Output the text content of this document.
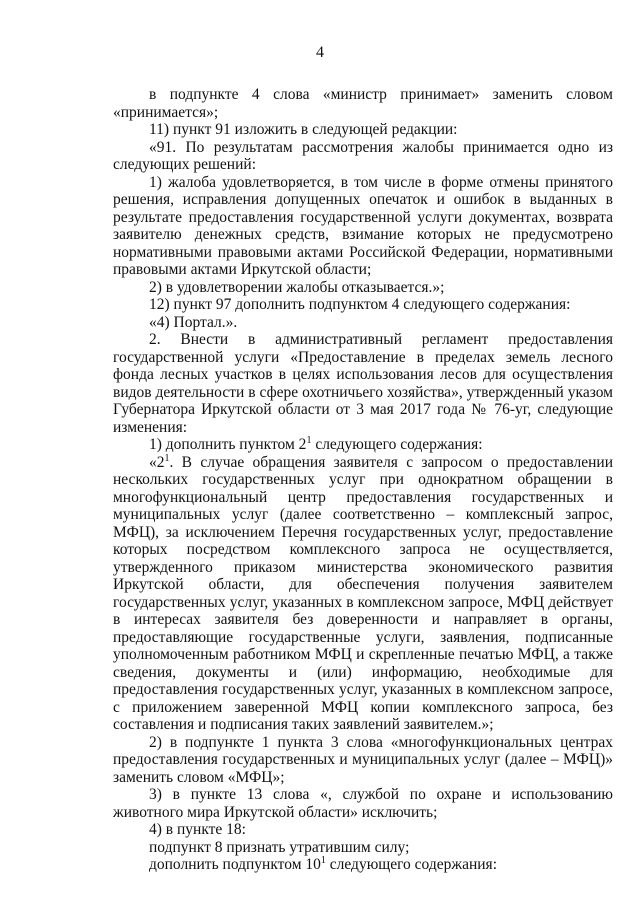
4

в подпункте 4 слова «министр принимает» заменить словом «принимается»;

11) пункт 91 изложить в следующей редакции:

«91. По результатам рассмотрения жалобы принимается одно из следующих решений:

1) жалоба удовлетворяется, в том числе в форме отмены принятого решения, исправления допущенных опечаток и ошибок в выданных в результате предоставления государственной услуги документах, возврата заявителю денежных средств, взимание которых не предусмотрено нормативными правовыми актами Российской Федерации, нормативными правовыми актами Иркутской области;

2) в удовлетворении жалобы отказывается.»;

12) пункт 97 дополнить подпунктом 4 следующего содержания:

«4) Портал.».

2. Внести в административный регламент предоставления государственной услуги «Предоставление в пределах земель лесного фонда лесных участков в целях использования лесов для осуществления видов деятельности в сфере охотничьего хозяйства», утвержденный указом Губернатора Иркутской области от 3 мая 2017 года № 76-уг, следующие изменения:

1) дополнить пунктом $2^1$ следующего содержания:

«$2^1$. В случае обращения заявителя с запросом о предоставлении нескольких государственных услуг при однократном обращении в многофункциональный центр предоставления государственных и муниципальных услуг (далее соответственно – комплексный запрос, МФЦ), за исключением Перечня государственных услуг, предоставление которых посредством комплексного запроса не осуществляется, утвержденного приказом министерства экономического развития Иркутской области, для обеспечения получения заявителем государственных услуг, указанных в комплексном запросе, МФЦ действует в интересах заявителя без доверенности и направляет в органы, предоставляющие государственные услуги, заявления, подписанные уполномоченным работником МФЦ и скрепленные печатью МФЦ, а также сведения, документы и (или) информацию, необходимые для предоставления государственных услуг, указанных в комплексном запросе, с приложением заверенной МФЦ копии комплексного запроса, без составления и подписания таких заявлений заявителем.»;

2) в подпункте 1 пункта 3 слова «многофункциональных центрах предоставления государственных и муниципальных услуг (далее – МФЦ)» заменить словом «МФЦ»;

3) в пункте 13 слова «, службой по охране и использованию животного мира Иркутской области» исключить;

4) в пункте 18:

подпункт 8 признать утратившим силу;

дополнить подпунктом $10^1$ следующего содержания:
